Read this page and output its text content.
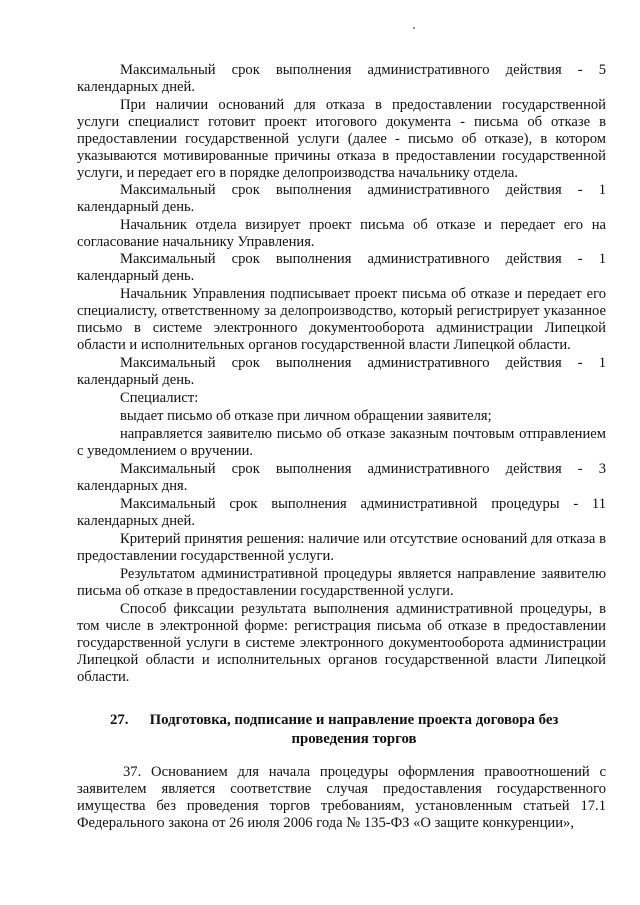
Максимальный срок выполнения административного действия - 5 календарных дней.

При наличии оснований для отказа в предоставлении государственной услуги специалист готовит проект итогового документа - письма об отказе в предоставлении государственной услуги (далее - письмо об отказе), в котором указываются мотивированные причины отказа в предоставлении государственной услуги, и передает его в порядке делопроизводства начальнику отдела.

Максимальный срок выполнения административного действия - 1 календарный день.

Начальник отдела визирует проект письма об отказе и передает его на согласование начальнику Управления.

Максимальный срок выполнения административного действия - 1 календарный день.

Начальник Управления подписывает проект письма об отказе и передает его специалисту, ответственному за делопроизводство, который регистрирует указанное письмо в системе электронного документооборота администрации Липецкой области и исполнительных органов государственной власти Липецкой области.

Максимальный срок выполнения административного действия - 1 календарный день.

Специалист:

выдает письмо об отказе при личном обращении заявителя;

направляется заявителю письмо об отказе заказным почтовым отправлением с уведомлением о вручении.

Максимальный срок выполнения административного действия - 3 календарных дня.

Максимальный срок выполнения административной процедуры - 11 календарных дней.

Критерий принятия решения: наличие или отсутствие оснований для отказа в предоставлении государственной услуги.

Результатом административной процедуры является направление заявителю письма об отказе в предоставлении государственной услуги.

Способ фиксации результата выполнения административной процедуры, в том числе в электронной форме: регистрация письма об отказе в предоставлении государственной услуги в системе электронного документооборота администрации Липецкой области и исполнительных органов государственной власти Липецкой области.

27.	Подготовка, подписание и направление проекта договора без проведения торгов

37. Основанием для начала процедуры оформления правоотношений с заявителем является соответствие случая предоставления государственного имущества без проведения торгов требованиям, установленным статьей 17.1 Федерального закона от 26 июля 2006 года № 135-ФЗ «О защите конкуренции»,
